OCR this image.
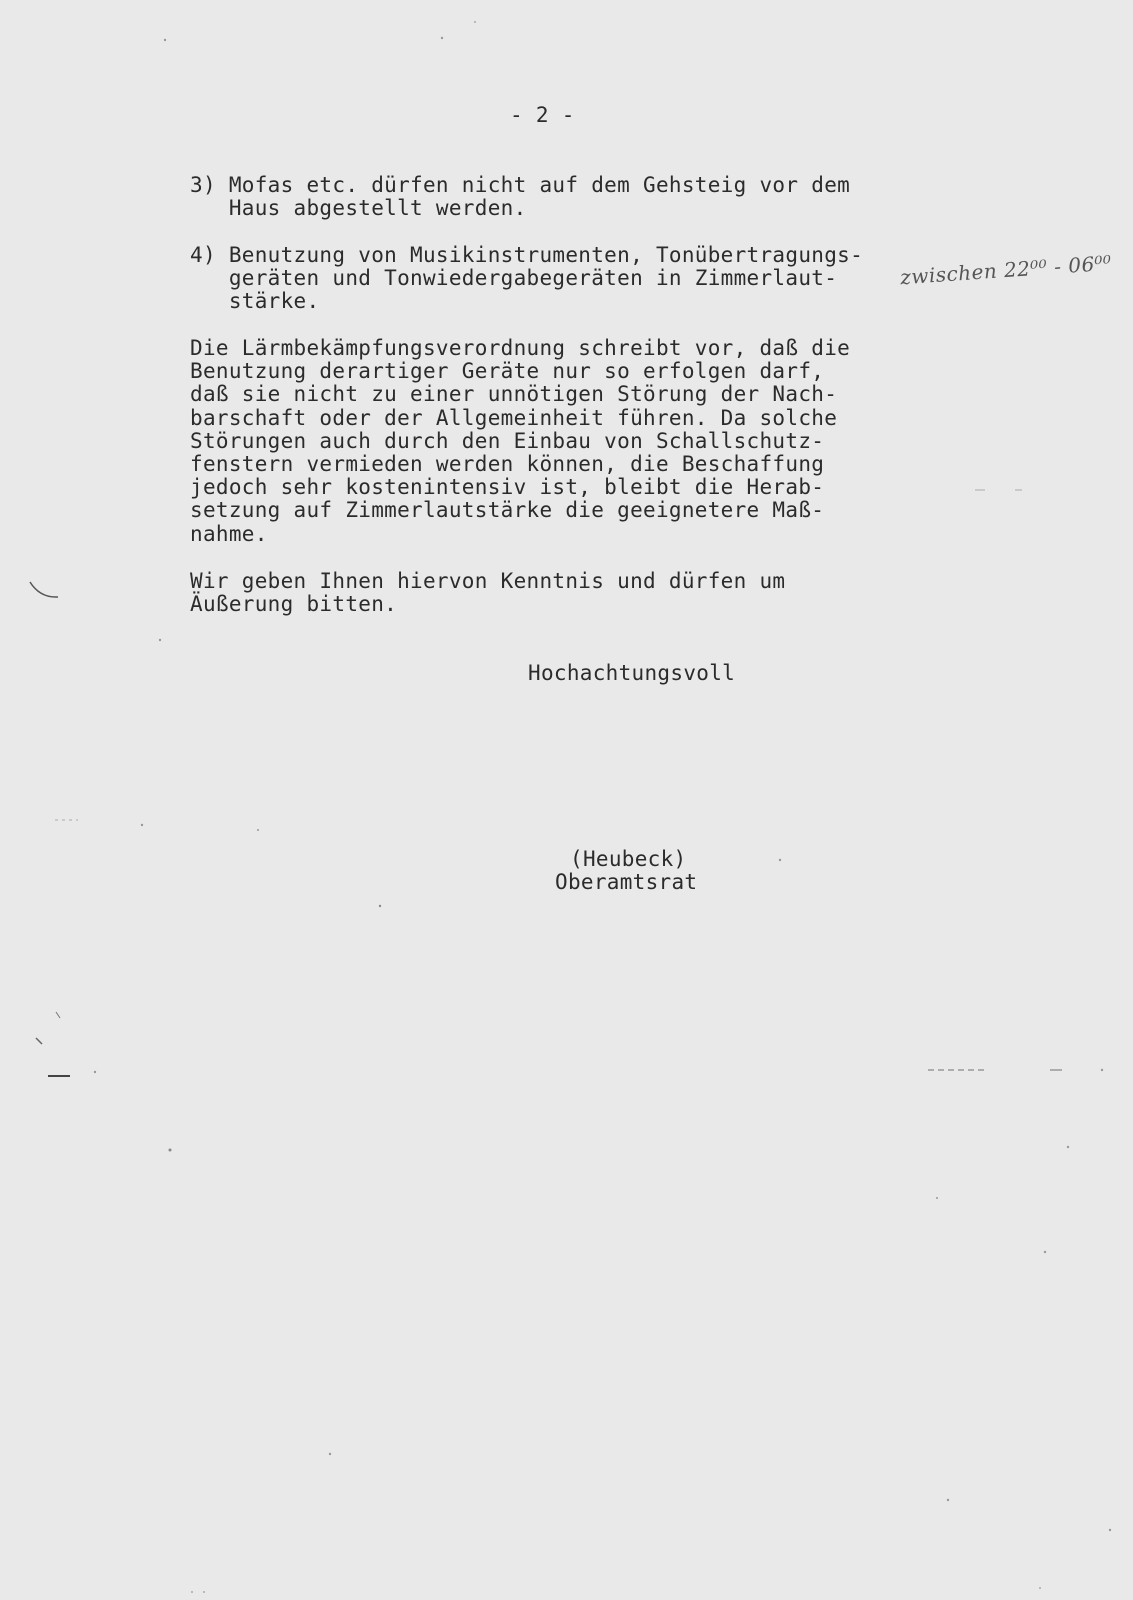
- 2 -
3) Mofas etc. dürfen nicht auf dem Gehsteig vor dem
Haus abgestellt werden.
4) Benutzung von Musikinstrumenten, Tonübertragungs-
geräten und Tonwiedergabegeräten in Zimmerlaut-
stärke.
zwischen 22⁰⁰ - 06⁰⁰
Die Lärmbekämpfungsverordnung schreibt vor, daß die
Benutzung derartiger Geräte nur so erfolgen darf,
daß sie nicht zu einer unnötigen Störung der Nach-
barschaft oder der Allgemeinheit führen. Da solche
Störungen auch durch den Einbau von Schallschutz-
fenstern vermieden werden können, die Beschaffung
jedoch sehr kostenintensiv ist, bleibt die Herab-
setzung auf Zimmerlautstärke die geeignetere Maß-
nahme.
Wir geben Ihnen hiervon Kenntnis und dürfen um
Äußerung bitten.
Hochachtungsvoll
(Heubeck)
Oberamtsrat
